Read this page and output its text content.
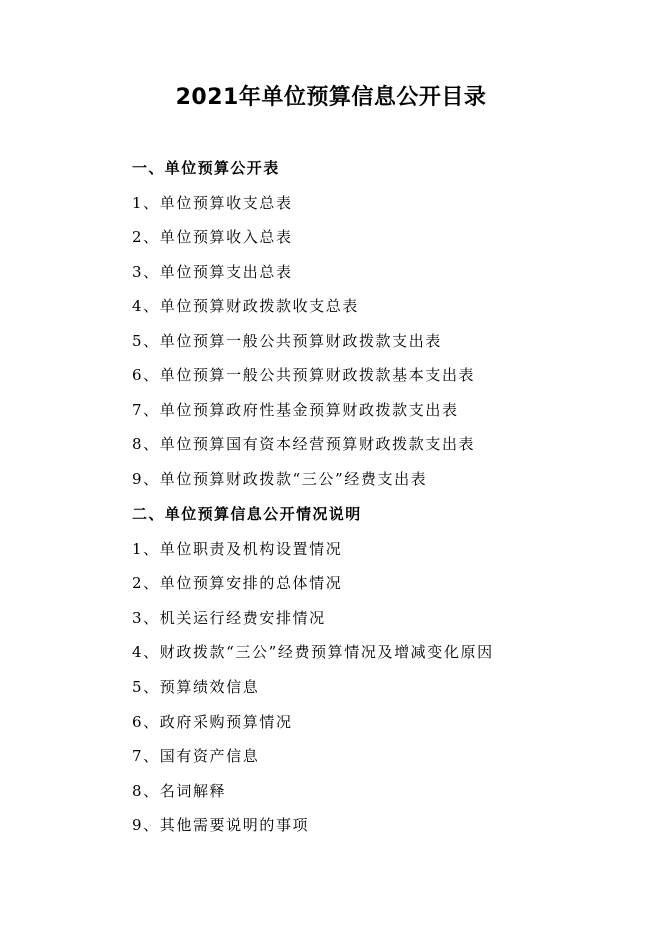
2021年单位预算信息公开目录
一、单位预算公开表
1、单位预算收支总表
2、单位预算收入总表
3、单位预算支出总表
4、单位预算财政拨款收支总表
5、单位预算一般公共预算财政拨款支出表
6、单位预算一般公共预算财政拨款基本支出表
7、单位预算政府性基金预算财政拨款支出表
8、单位预算国有资本经营预算财政拨款支出表
9、单位预算财政拨款“三公”经费支出表
二、单位预算信息公开情况说明
1、单位职责及机构设置情况
2、单位预算安排的总体情况
3、机关运行经费安排情况
4、财政拨款“三公”经费预算情况及增减变化原因
5、预算绩效信息
6、政府采购预算情况
7、国有资产信息
8、名词解释
9、其他需要说明的事项
